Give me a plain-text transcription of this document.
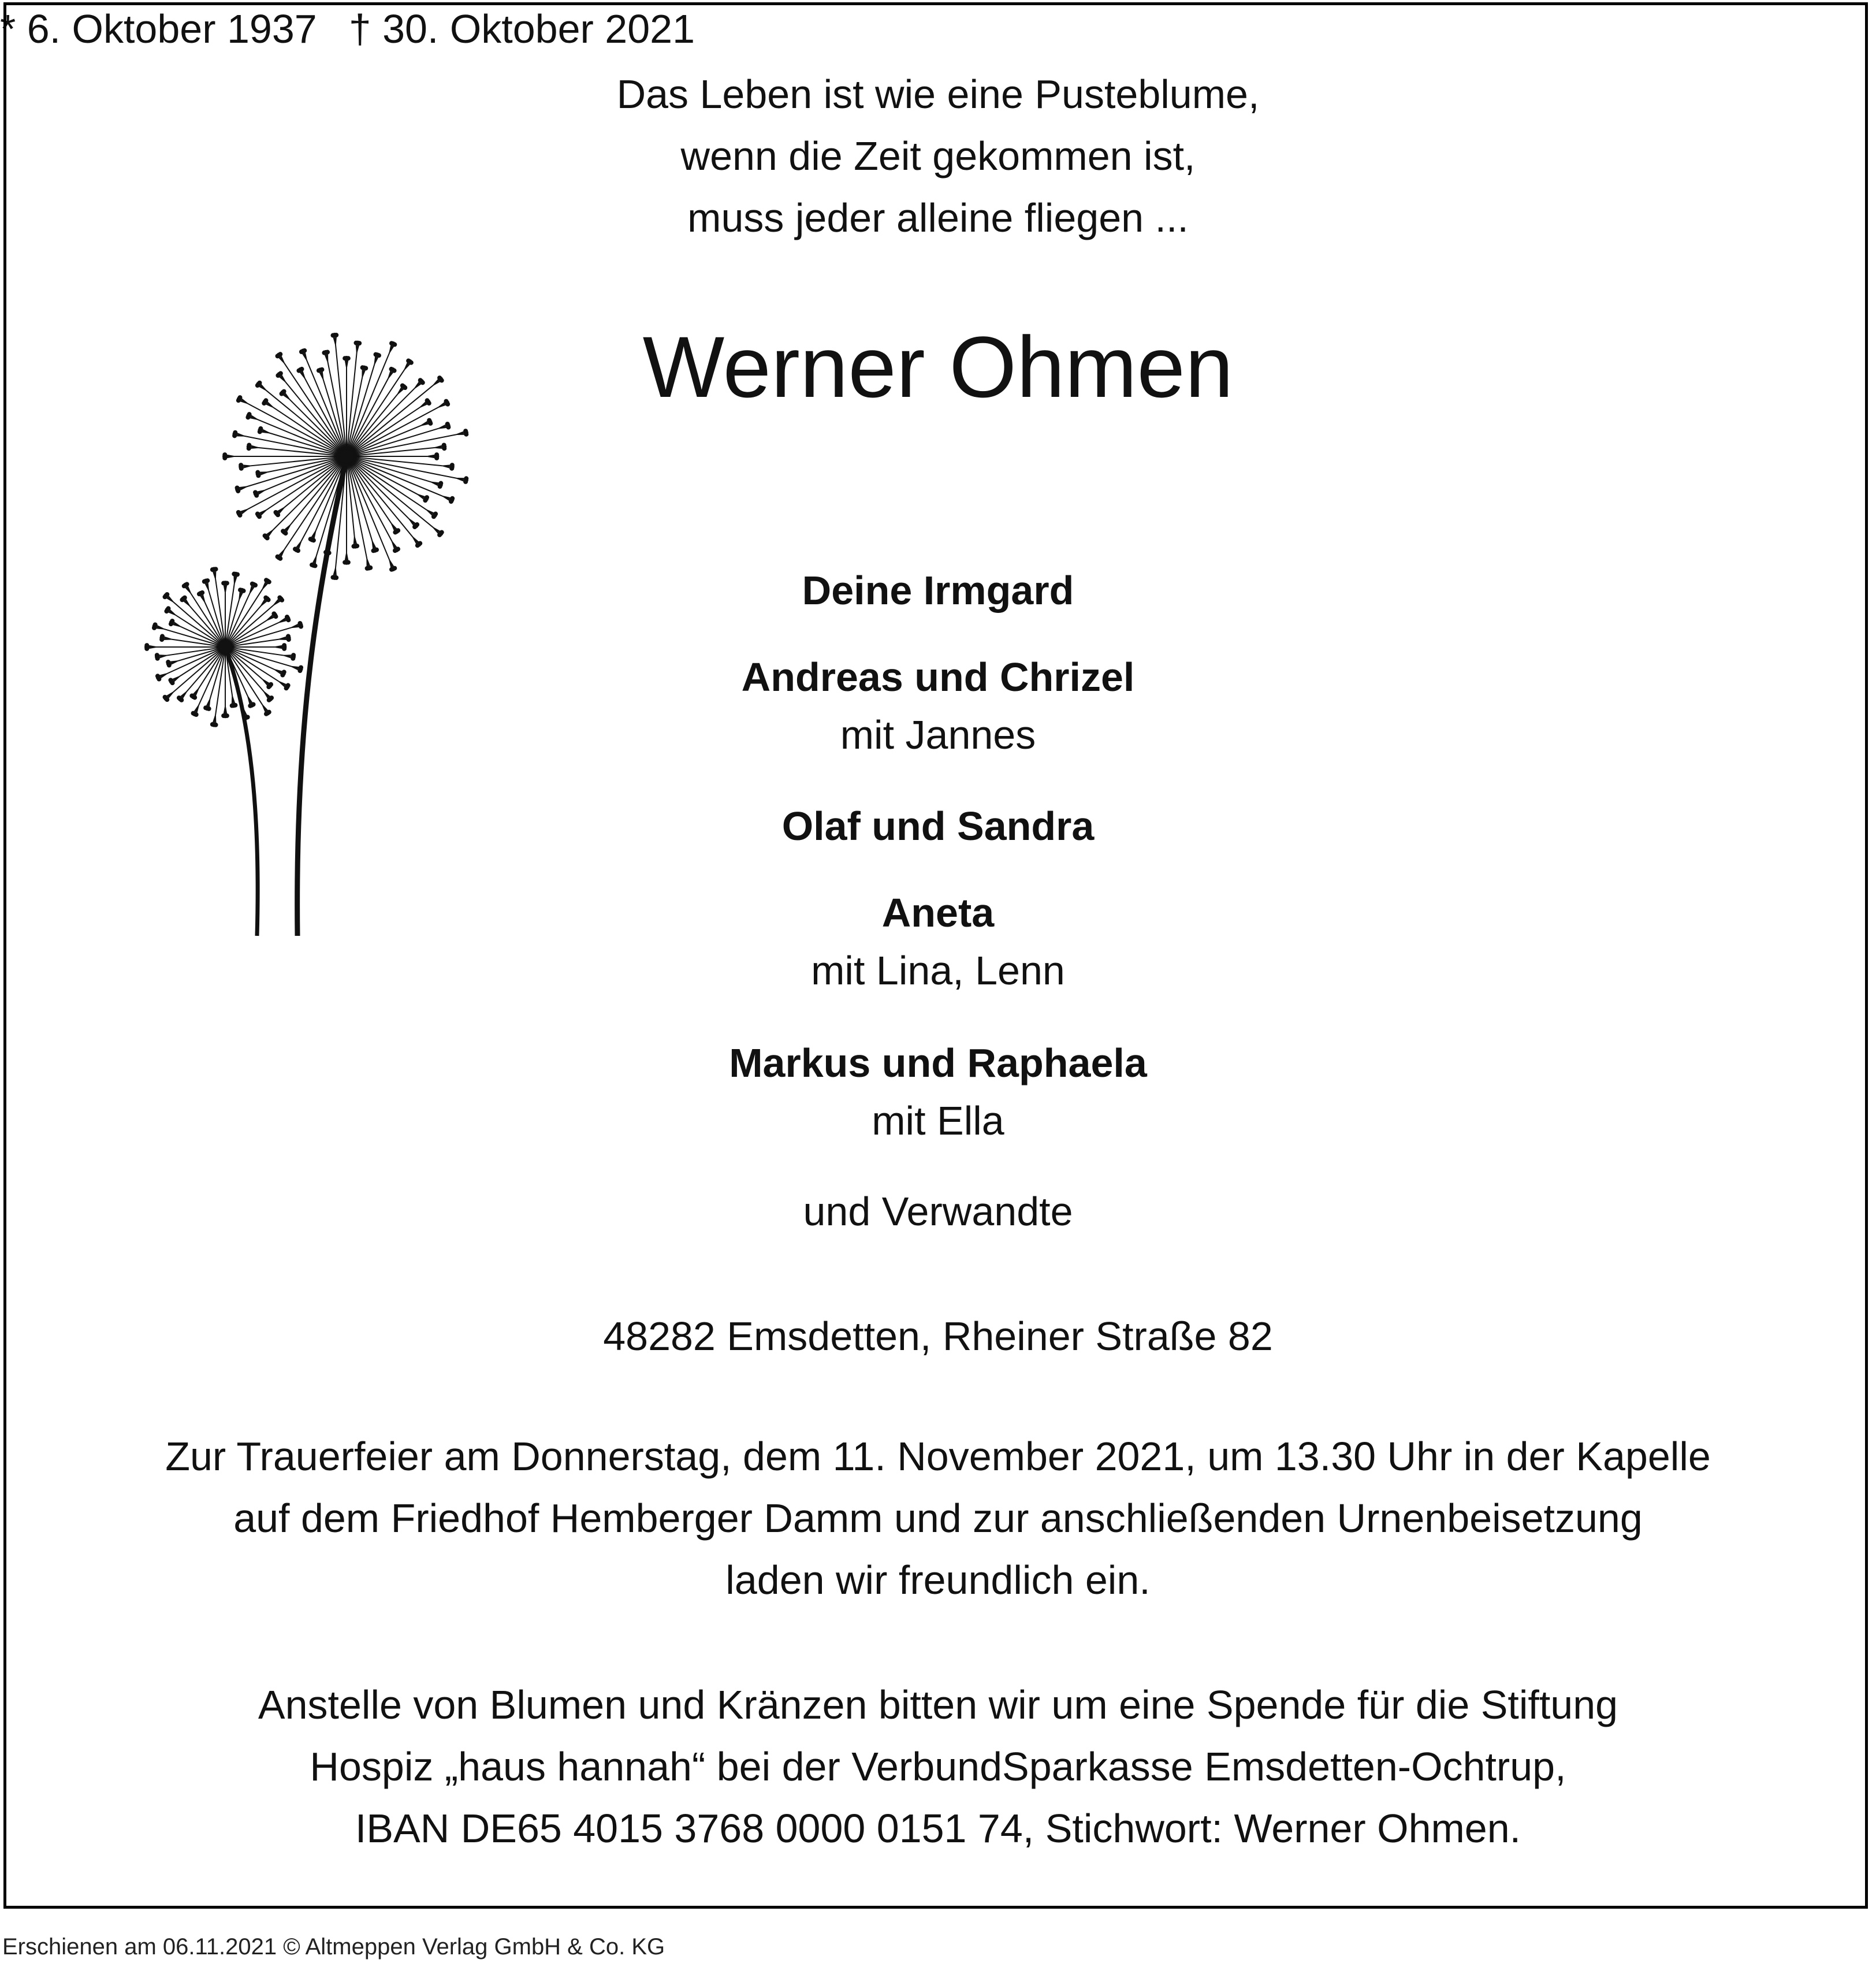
Das Leben ist wie eine Pusteblume,
wenn die Zeit gekommen ist,
muss jeder alleine fliegen ...
Werner Ohmen
* 6. Oktober 1937 † 30. Oktober 2021
Deine Irmgard
Andreas und Chrizel
mit Jannes
Olaf und Sandra
Aneta
mit Lina, Lenn
Markus und Raphaela
mit Ella
und Verwandte
48282 Emsdetten, Rheiner Straße 82
Zur Trauerfeier am Donnerstag, dem 11. November 2021, um 13.30 Uhr in der Kapelle
auf dem Friedhof Hemberger Damm und zur anschließenden Urnenbeisetzung
laden wir freundlich ein.
Anstelle von Blumen und Kränzen bitten wir um eine Spende für die Stiftung
Hospiz „haus hannah“ bei der VerbundSparkasse Emsdetten-Ochtrup,
IBAN DE65 4015 3768 0000 0151 74, Stichwort: Werner Ohmen.
Erschienen am 06.11.2021 © Altmeppen Verlag GmbH & Co. KG
